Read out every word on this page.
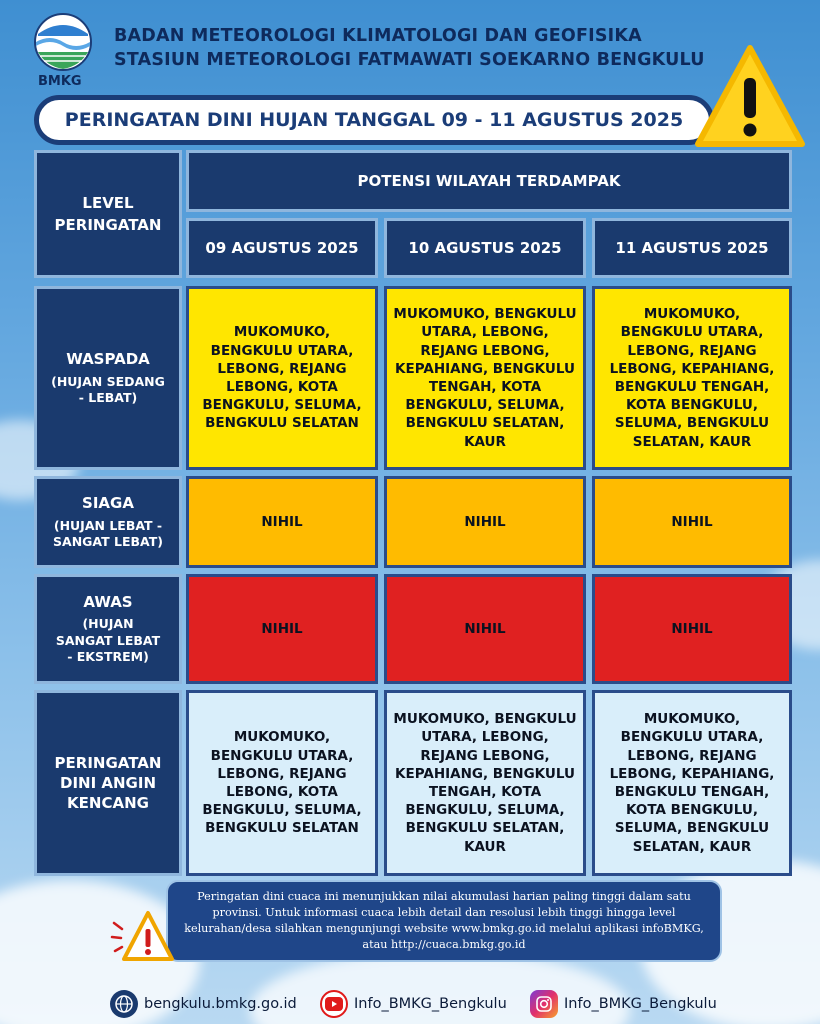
BMKG
BADAN METEOROLOGI KLIMATOLOGI DAN GEOFISIKA
STASIUN METEOROLOGI FATMAWATI SOEKARNO BENGKULU
PERINGATAN DINI HUJAN TANGGAL 09 - 11 AGUSTUS 2025
LEVEL PERINGATAN
POTENSI WILAYAH TERDAMPAK
09 AGUSTUS 2025	10 AGUSTUS 2025	11 AGUSTUS 2025
WASPADA
(HUJAN SEDANG - LEBAT)
MUKOMUKO, BENGKULU UTARA, LEBONG, REJANG LEBONG, KOTA BENGKULU, SELUMA, BENGKULU SELATAN
MUKOMUKO, BENGKULU UTARA, LEBONG, REJANG LEBONG, KEPAHIANG, BENGKULU TENGAH, KOTA BENGKULU, SELUMA, BENGKULU SELATAN, KAUR
MUKOMUKO, BENGKULU UTARA, LEBONG, REJANG LEBONG, KEPAHIANG, BENGKULU TENGAH, KOTA BENGKULU, SELUMA, BENGKULU SELATAN, KAUR
SIAGA
(HUJAN LEBAT - SANGAT LEBAT)
NIHIL	NIHIL	NIHIL
AWAS
(HUJAN SANGAT LEBAT - EKSTREM)
NIHIL	NIHIL	NIHIL
PERINGATAN DINI ANGIN KENCANG
MUKOMUKO, BENGKULU UTARA, LEBONG, REJANG LEBONG, KOTA BENGKULU, SELUMA, BENGKULU SELATAN
MUKOMUKO, BENGKULU UTARA, LEBONG, REJANG LEBONG, KEPAHIANG, BENGKULU TENGAH, KOTA BENGKULU, SELUMA, BENGKULU SELATAN, KAUR
MUKOMUKO, BENGKULU UTARA, LEBONG, REJANG LEBONG, KEPAHIANG, BENGKULU TENGAH, KOTA BENGKULU, SELUMA, BENGKULU SELATAN, KAUR
Peringatan dini cuaca ini menunjukkan nilai akumulasi harian paling tinggi dalam satu provinsi. Untuk informasi cuaca lebih detail dan resolusi lebih tinggi hingga level kelurahan/desa silahkan mengunjungi website www.bmkg.go.id melalui aplikasi infoBMKG, atau http://cuaca.bmkg.go.id
bengkulu.bmkg.go.id	Info_BMKG_Bengkulu	Info_BMKG_Bengkulu
